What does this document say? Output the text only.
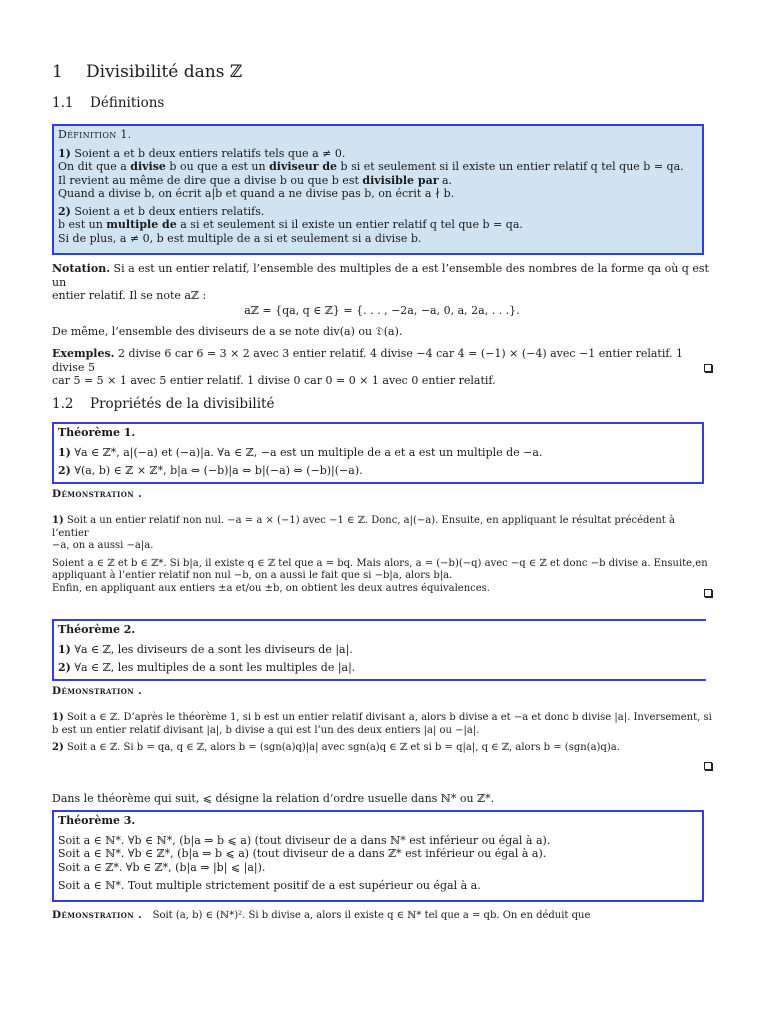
1 Divisibilité dans ℤ
1.1 Définitions
Définition 1.
1) Soient a et b deux entiers relatifs tels que a ≠ 0.
On dit que a divise b ou que a est un diviseur de b si et seulement si il existe un entier relatif q tel que b = qa.
Il revient au même de dire que a divise b ou que b est divisible par a.
Quand a divise b, on écrit a|b et quand a ne divise pas b, on écrit a ∤ b.
2) Soient a et b deux entiers relatifs.
b est un multiple de a si et seulement si il existe un entier relatif q tel que b = qa.
Si de plus, a ≠ 0, b est multiple de a si et seulement si a divise b.
Notation. Si a est un entier relatif, l’ensemble des multiples de a est l’ensemble des nombres de la forme qa où q est un
entier relatif. Il se note aℤ :
aℤ = {qa, q ∈ ℤ} = {. . . , −2a, −a, 0, a, 2a, . . .}.
De même, l’ensemble des diviseurs de a se note div(a) ou 𝔇(a).
Exemples. 2 divise 6 car 6 = 3 × 2 avec 3 entier relatif. 4 divise −4 car 4 = (−1) × (−4) avec −1 entier relatif. 1 divise 5
car 5 = 5 × 1 avec 5 entier relatif. 1 divise 0 car 0 = 0 × 1 avec 0 entier relatif.
1.2 Propriétés de la divisibilité
Théorème 1.
1) ∀a ∈ ℤ*, a|(−a) et (−a)|a. ∀a ∈ ℤ, −a est un multiple de a et a est un multiple de −a.
2) ∀(a, b) ∈ ℤ × ℤ*, b|a ⇔ (−b)|a ⇔ b|(−a) ⇔ (−b)|(−a).
Démonstration .
1) Soit a un entier relatif non nul. −a = a × (−1) avec −1 ∈ ℤ. Donc, a|(−a). Ensuite, en appliquant le résultat précédent à l’entier
−a, on a aussi −a|a.
Soient a ∈ ℤ et b ∈ ℤ*. Si b|a, il existe q ∈ ℤ tel que a = bq. Mais alors, a = (−b)(−q) avec −q ∈ ℤ et donc −b divise a. Ensuite,en
appliquant à l’entier relatif non nul −b, on a aussi le fait que si −b|a, alors b|a.
Enfin, en appliquant aux entiers ±a et/ou ±b, on obtient les deux autres équivalences.
Théorème 2.
1) ∀a ∈ ℤ, les diviseurs de a sont les diviseurs de |a|.
2) ∀a ∈ ℤ, les multiples de a sont les multiples de |a|.
Démonstration .
1) Soit a ∈ ℤ. D’après le théorème 1, si b est un entier relatif divisant a, alors b divise a et −a et donc b divise |a|. Inversement, si
b est un entier relatif divisant |a|, b divise a qui est l’un des deux entiers |a| ou −|a|.
2) Soit a ∈ ℤ. Si b = qa, q ∈ ℤ, alors b = (sgn(a)q)|a| avec sgn(a)q ∈ ℤ et si b = q|a|, q ∈ ℤ, alors b = (sgn(a)q)a.
Dans le théorème qui suit, ⩽ désigne la relation d’ordre usuelle dans ℕ* ou ℤ*.
Théorème 3.
Soit a ∈ ℕ*. ∀b ∈ ℕ*, (b|a ⇒ b ⩽ a) (tout diviseur de a dans ℕ* est inférieur ou égal à a).
Soit a ∈ ℕ*. ∀b ∈ ℤ*, (b|a ⇒ b ⩽ a) (tout diviseur de a dans ℤ* est inférieur ou égal à a).
Soit a ∈ ℤ*. ∀b ∈ ℤ*, (b|a ⇒ |b| ⩽ |a|).
Soit a ∈ ℕ*. Tout multiple strictement positif de a est supérieur ou égal à a.
Démonstration . Soit (a, b) ∈ (ℕ*)². Si b divise a, alors il existe q ∈ ℕ* tel que a = qb. On en déduit que
